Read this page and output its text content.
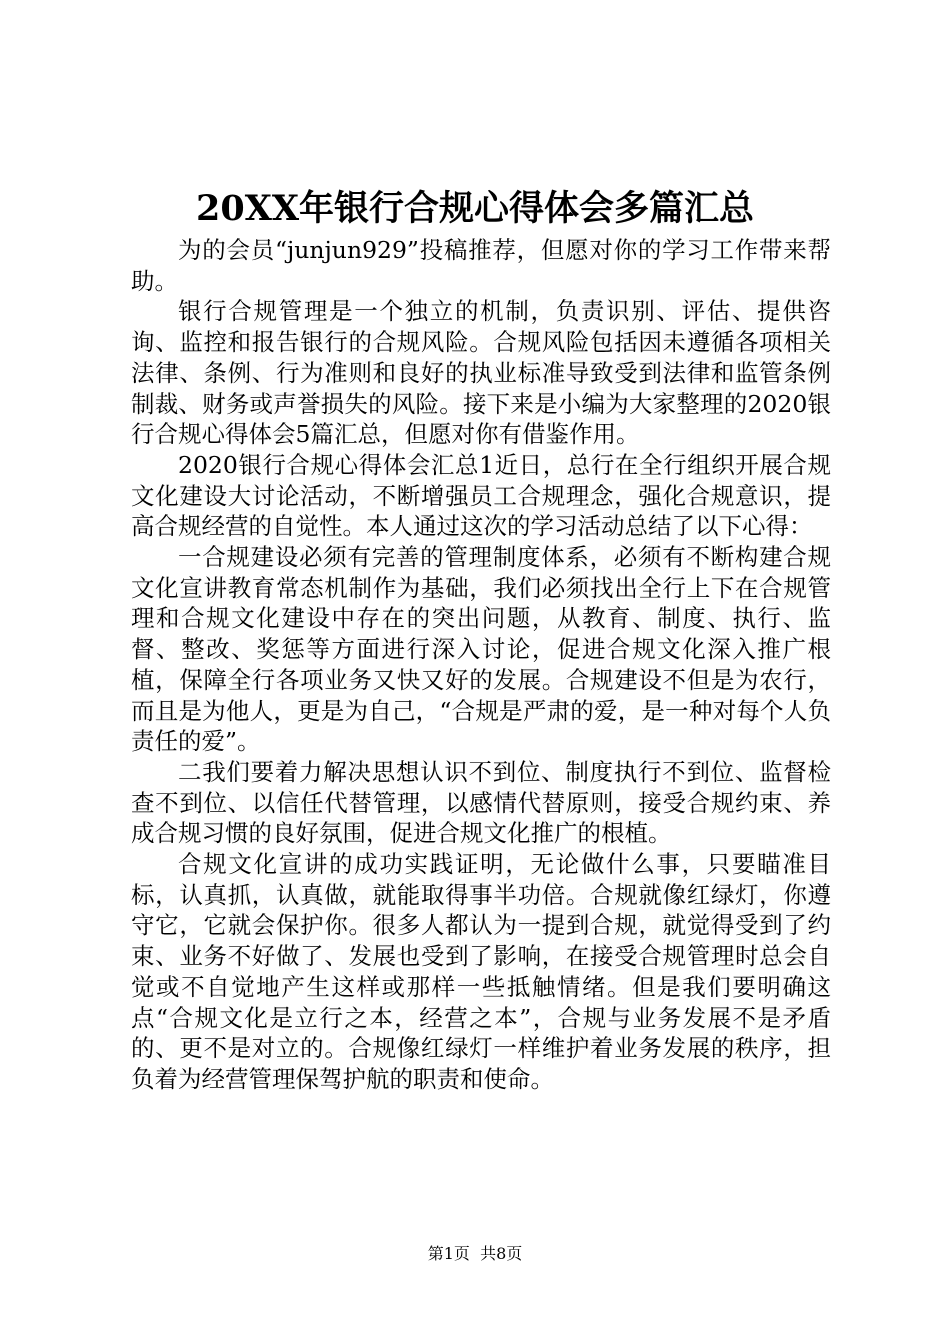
20XX年银行合规心得体会多篇汇总

为的会员“junjun929”投稿推荐，但愿对你的学习工作带来帮助。

银行合规管理是一个独立的机制，负责识别、评估、提供咨询、监控和报告银行的合规风险。合规风险包括因未遵循各项相关法律、条例、行为准则和良好的执业标准导致受到法律和监管条例制裁、财务或声誉损失的风险。接下来是小编为大家整理的2020银行合规心得体会5篇汇总，但愿对你有借鉴作用。

2020银行合规心得体会汇总1近日，总行在全行组织开展合规文化建设大讨论活动，不断增强员工合规理念，强化合规意识，提高合规经营的自觉性。本人通过这次的学习活动总结了以下心得：

一合规建设必须有完善的管理制度体系，必须有不断构建合规文化宣讲教育常态机制作为基础，我们必须找出全行上下在合规管理和合规文化建设中存在的突出问题，从教育、制度、执行、监督、整改、奖惩等方面进行深入讨论，促进合规文化深入推广根植，保障全行各项业务又快又好的发展。合规建设不但是为农行，而且是为他人，更是为自己，“合规是严肃的爱，是一种对每个人负责任的爱”。

二我们要着力解决思想认识不到位、制度执行不到位、监督检查不到位、以信任代替管理，以感情代替原则，接受合规约束、养成合规习惯的良好氛围，促进合规文化推广的根植。

合规文化宣讲的成功实践证明，无论做什么事，只要瞄准目标，认真抓，认真做，就能取得事半功倍。合规就像红绿灯，你遵守它，它就会保护你。很多人都认为一提到合规，就觉得受到了约束、业务不好做了、发展也受到了影响，在接受合规管理时总会自觉或不自觉地产生这样或那样一些抵触情绪。但是我们要明确这点“合规文化是立行之本，经营之本”，合规与业务发展不是矛盾的、更不是对立的。合规像红绿灯一样维护着业务发展的秩序，担负着为经营管理保驾护航的职责和使命。

第1页  共8页
